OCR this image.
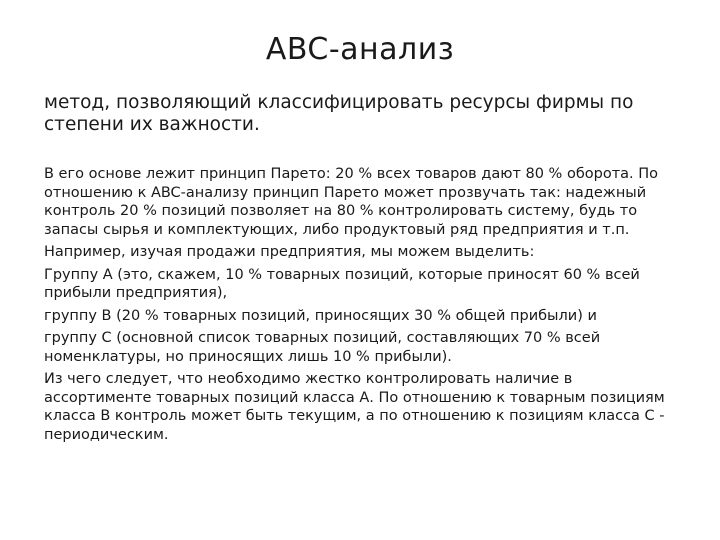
ABC-анализ

метод, позволяющий классифицировать ресурсы фирмы по степени их важности.

В его основе лежит принцип Парето: 20 % всех товаров дают 80 % оборота. По отношению к ABC-анализу принцип Парето может прозвучать так: надежный контроль 20 % позиций позволяет на 80 % контролировать систему, будь то запасы сырья и комплектующих, либо продуктовый ряд предприятия и т.п.

Например, изучая продажи предприятия, мы можем выделить:

Группу А (это, скажем, 10 % товарных позиций, которые приносят 60 % всей прибыли предприятия),

группу В (20 % товарных позиций, приносящих 30 % общей прибыли) и

группу С (основной список товарных позиций, составляющих 70 % всей номенклатуры, но приносящих лишь 10 % прибыли).

Из чего следует, что необходимо жестко контролировать наличие в ассортименте товарных позиций класса А. По отношению к товарным позициям класса В контроль может быть текущим, а по отношению к позициям класса С - периодическим.
